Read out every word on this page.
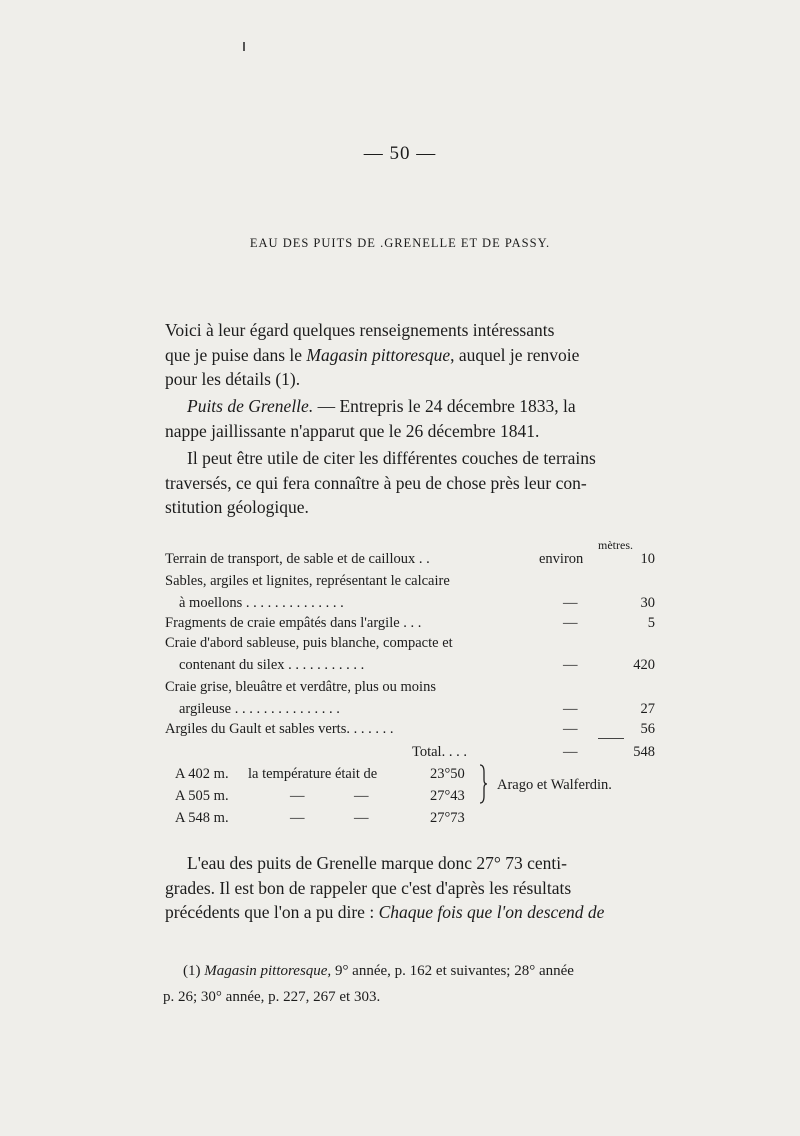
— 50 —
EAU DES PUITS DE .GRENELLE ET DE PASSY.
Voici à leur égard quelques renseignements intéressants
que je puise dans le Magasin pittoresque, auquel je renvoie
pour les détails (1).
Puits de Grenelle. — Entrepris le 24 décembre 1833, la
nappe jaillissante n'apparut que le 26 décembre 1841.
Il peut être utile de citer les différentes couches de terrains
traversés, ce qui fera connaître à peu de chose près leur con-
stitution géologique.
mètres.
Terrain de transport, de sable et de cailloux . .	environ	10
Sables, argiles et lignites, représentant le calcaire
à moellons . . . . . . . . . . . . . .	—	30
Fragments de craie empâtés dans l'argile . . .	—	5
Craie d'abord sableuse, puis blanche, compacte et
contenant du silex . . . . . . . . . . .	—	420
Craie grise, bleuâtre et verdâtre, plus ou moins
argileuse . . . . . . . . . . . . . . .	—	27
Argiles du Gault et sables verts. . . . . . .	—	56
Total. . . .	—	548
A 402 m. la température était de	23°50
A 505 m.	—	—	27°43
A 548 m.	—	—	27°73
Arago et Walferdin.
L'eau des puits de Grenelle marque donc 27° 73 centi-
grades. Il est bon de rappeler que c'est d'après les résultats
précédents que l'on a pu dire : Chaque fois que l'on descend de
(1) Magasin pittoresque, 9° année, p. 162 et suivantes; 28° année
p. 26; 30° année, p. 227, 267 et 303.
